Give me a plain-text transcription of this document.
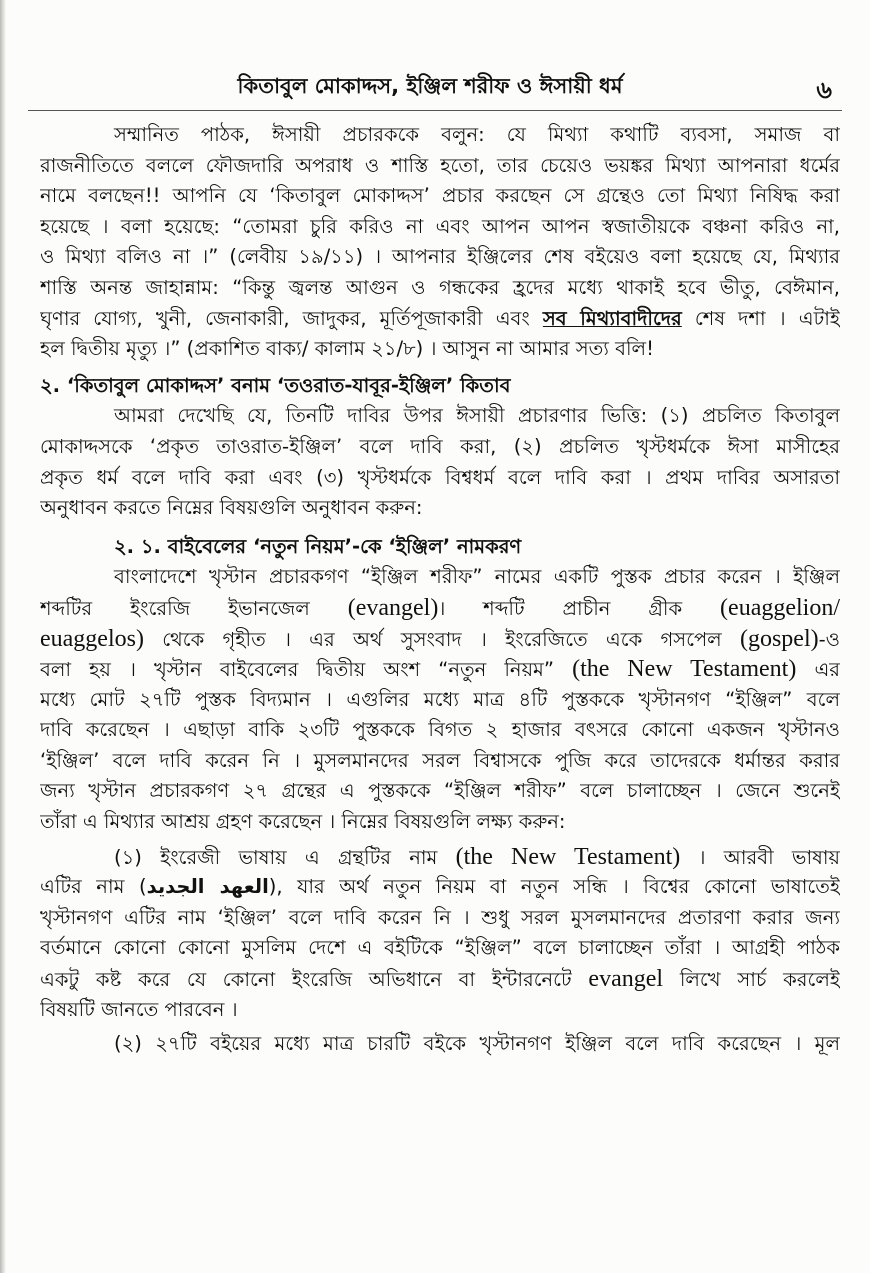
কিতাবুল মোকাদ্দস, ইঞ্জিল শরীফ ও ঈসায়ী ধর্ম	৬
সম্মানিত পাঠক, ঈসায়ী প্রচারককে বলুন: যে মিথ্যা কথাটি ব্যবসা, সমাজ বা
রাজনীতিতে বললে ফৌজদারি অপরাধ ও শাস্তি হতো, তার চেয়েও ভয়ঙ্কর মিথ্যা আপনারা ধর্মের
নামে বলছেন!! আপনি যে ‘কিতাবুল মোকাদ্দস’ প্রচার করছেন সে গ্রন্থেও তো মিথ্যা নিষিদ্ধ করা
হয়েছে । বলা হয়েছে: “তোমরা চুরি করিও না এবং আপন আপন স্বজাতীয়কে বঞ্চনা করিও না,
ও মিথ্যা বলিও না ।” (লেবীয় ১৯/১১) । আপনার ইঞ্জিলের শেষ বইয়েও বলা হয়েছে যে, মিথ্যার
শাস্তি অনন্ত জাহান্নাম: “কিন্তু জ্বলন্ত আগুন ও গন্ধকের হ্রদের মধ্যে থাকাই হবে ভীতু, বেঈমান,
ঘৃণার যোগ্য, খুনী, জেনাকারী, জাদুকর, মূর্তিপূজাকারী এবং সব মিথ্যাবাদীদের শেষ দশা । এটাই
হল দ্বিতীয় মৃত্যু ।” (প্রকাশিত বাক্য/ কালাম ২১/৮) । আসুন না আমার সত্য বলি!
২. ‘কিতাবুল মোকাদ্দস’ বনাম ‘তওরাত-যাবূর-ইঞ্জিল’ কিতাব
আমরা দেখেছি যে, তিনটি দাবির উপর ঈসায়ী প্রচারণার ভিত্তি: (১) প্রচলিত কিতাবুল
মোকাদ্দসকে ‘প্রকৃত তাওরাত-ইঞ্জিল’ বলে দাবি করা, (২) প্রচলিত খৃস্টধর্মকে ঈসা মাসীহের
প্রকৃত ধর্ম বলে দাবি করা এবং (৩) খৃস্টধর্মকে বিশ্বধর্ম বলে দাবি করা । প্রথম দাবির অসারতা
অনুধাবন করতে নিম্নের বিষয়গুলি অনুধাবন করুন:
২. ১. বাইবেলের ‘নতুন নিয়ম’-কে ‘ইঞ্জিল’ নামকরণ
বাংলাদেশে খৃস্টান প্রচারকগণ “ইঞ্জিল শরীফ” নামের একটি পুস্তক প্রচার করেন । ইঞ্জিল
শব্দটির ইংরেজি ইভানজেল (evangel)। শব্দটি প্রাচীন গ্রীক (euaggelion/
euaggelos) থেকে গৃহীত । এর অর্থ সুসংবাদ । ইংরেজিতে একে গসপেল (gospel)-ও
বলা হয় । খৃস্টান বাইবেলের দ্বিতীয় অংশ “নতুন নিয়ম” (the New Testament) এর
মধ্যে মোট ২৭টি পুস্তক বিদ্যমান । এগুলির মধ্যে মাত্র ৪টি পুস্তককে খৃস্টানগণ “ইঞ্জিল” বলে
দাবি করেছেন । এছাড়া বাকি ২৩টি পুস্তককে বিগত ২ হাজার বৎসরে কোনো একজন খৃস্টানও
‘ইঞ্জিল’ বলে দাবি করেন নি । মুসলমানদের সরল বিশ্বাসকে পুজি করে তাদেরকে ধর্মান্তর করার
জন্য খৃস্টান প্রচারকগণ ২৭ গ্রন্থের এ পুস্তককে “ইঞ্জিল শরীফ” বলে চালাচ্ছেন । জেনে শুনেই
তাঁরা এ মিথ্যার আশ্রয় গ্রহণ করেছেন । নিম্নের বিষয়গুলি লক্ষ্য করুন:
(১) ইংরেজী ভাষায় এ গ্রন্থটির নাম (the New Testament) । আরবী ভাষায়
এটির নাম (العهد الجديد), যার অর্থ নতুন নিয়ম বা নতুন সন্ধি । বিশ্বের কোনো ভাষাতেই
খৃস্টানগণ এটির নাম ‘ইঞ্জিল’ বলে দাবি করেন নি । শুধু সরল মুসলমানদের প্রতারণা করার জন্য
বর্তমানে কোনো কোনো মুসলিম দেশে এ বইটিকে “ইঞ্জিল” বলে চালাচ্ছেন তাঁরা । আগ্রহী পাঠক
একটু কষ্ট করে যে কোনো ইংরেজি অভিধানে বা ইন্টারনেটে evangel লিখে সার্চ করলেই
বিষয়টি জানতে পারবেন ।
(২) ২৭টি বইয়ের মধ্যে মাত্র চারটি বইকে খৃস্টানগণ ইঞ্জিল বলে দাবি করেছেন । মূল
